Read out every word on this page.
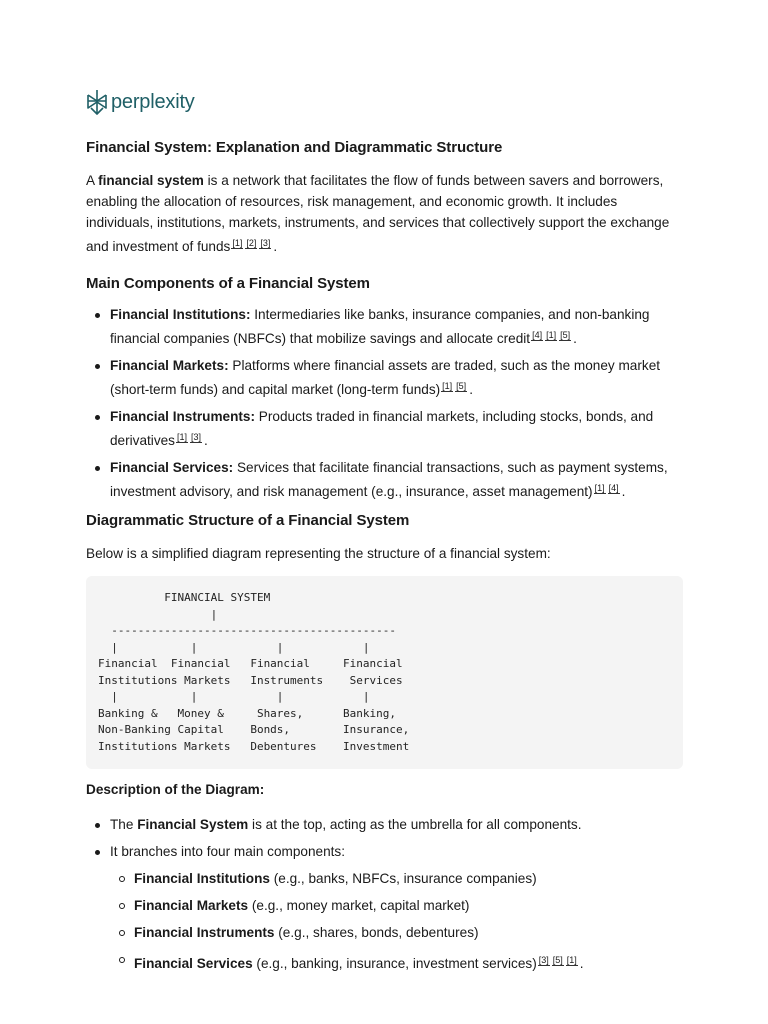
perplexity
Financial System: Explanation and Diagrammatic Structure

A financial system is a network that facilitates the flow of funds between savers and borrowers, enabling the allocation of resources, risk management, and economic growth. It includes individuals, institutions, markets, instruments, and services that collectively support the exchange and investment of funds [1] [2] [3] .

Main Components of a Financial System
Financial Institutions: Intermediaries like banks, insurance companies, and non-banking financial companies (NBFCs) that mobilize savings and allocate credit [4] [1] [5] .
Financial Markets: Platforms where financial assets are traded, such as the money market (short-term funds) and capital market (long-term funds) [1] [5] .
Financial Instruments: Products traded in financial markets, including stocks, bonds, and derivatives [1] [3] .
Financial Services: Services that facilitate financial transactions, such as payment systems, investment advisory, and risk management (e.g., insurance, asset management) [1] [4] .
Diagrammatic Structure of a Financial System

Below is a simplified diagram representing the structure of a financial system:

FINANCIAL SYSTEM
|
-------------------------------------------
|           |            |            |
Financial  Financial   Financial     Financial
Institutions Markets   Instruments    Services
|           |            |            |
Banking &   Money &     Shares,      Banking,
Non-Banking Capital    Bonds,        Insurance,
Institutions Markets   Debentures    Investment

Description of the Diagram:

The Financial System is at the top, acting as the umbrella for all components.
It branches into four main components:
Financial Institutions (e.g., banks, NBFCs, insurance companies)
Financial Markets (e.g., money market, capital market)
Financial Instruments (e.g., shares, bonds, debentures)
Financial Services (e.g., banking, insurance, investment services) [3] [5] [1] .
